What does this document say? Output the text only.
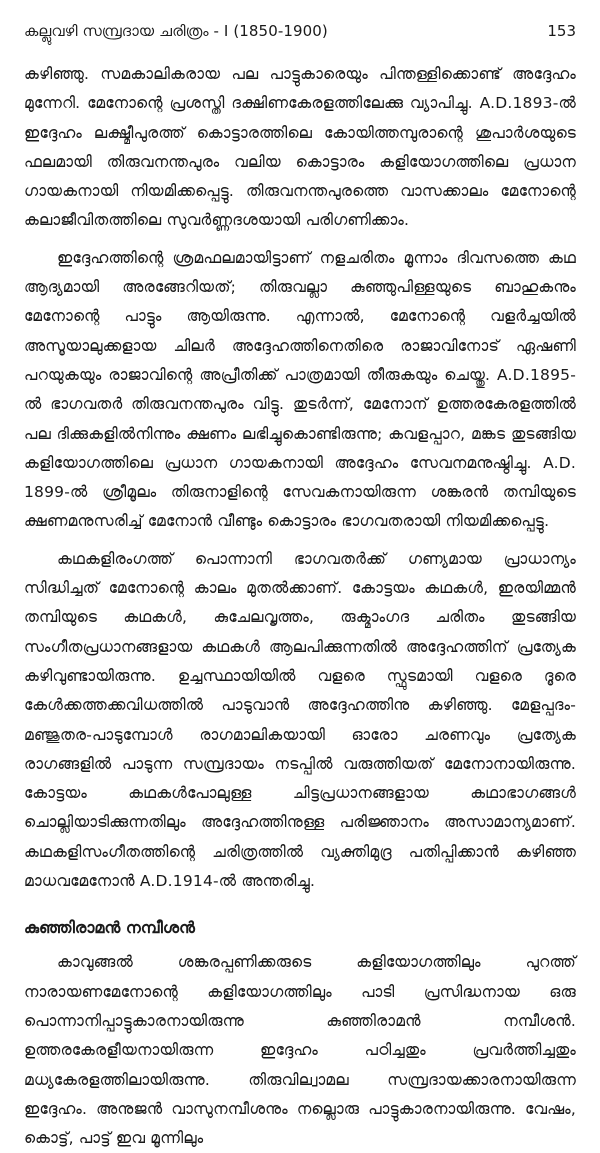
കല്ലുവഴി സമ്പ്രദായ ചരിത്രം - I (1850-1900)	153

കഴിഞ്ഞു. സമകാലികരായ പല പാട്ടുകാരെയും പിന്തള്ളിക്കൊണ്ട് അദ്ദേഹം മുന്നേറി. മേനോന്റെ പ്രശസ്തി ദക്ഷിണകേരളത്തിലേക്കു വ്യാപിച്ചു. A.D.1893-ൽ ഇദ്ദേഹം ലക്ഷ്മീപുരത്ത് കൊട്ടാരത്തിലെ കോയിത്തമ്പുരാന്റെ ശുപാർശയുടെ ഫലമായി തിരുവനന്തപുരം വലിയ കൊട്ടാരം കളിയോഗത്തിലെ പ്രധാന ഗായകനായി നിയമിക്കപ്പെട്ടു. തിരുവനന്തപുരത്തെ വാസക്കാലം മേനോന്റെ കലാജീവിതത്തിലെ സുവർണ്ണദശയായി പരിഗണിക്കാം.

ഇദ്ദേഹത്തിന്റെ ശ്രമഫലമായിട്ടാണ് നളചരിതം മൂന്നാം ദിവസത്തെ കഥ ആദ്യമായി അരങ്ങേറിയത്; തിരുവല്ലാ കുഞ്ഞുപിള്ളയുടെ ബാഹുകനും മേനോന്റെ പാട്ടും ആയിരുന്നു. എന്നാൽ, മേനോന്റെ വളർച്ചയിൽ അസൂയാലുക്കളായ ചിലർ അദ്ദേഹത്തിനെതിരെ രാജാവിനോട് ഏഷണി പറയുകയും രാജാവിന്റെ അപ്രീതിക്ക് പാത്രമായി തീരുകയും ചെയ്തു. A.D.1895-ൽ ഭാഗവതർ തിരുവനന്തപുരം വിട്ടു. തുടർന്ന്, മേനോന് ഉത്തരകേരളത്തിൽ പല ദിക്കുകളിൽനിന്നും ക്ഷണം ലഭിച്ചുകൊണ്ടിരുന്നു; കവളപ്പാറ, മങ്കട തുടങ്ങിയ കളിയോഗത്തിലെ പ്രധാന ഗായകനായി അദ്ദേഹം സേവനമനുഷ്ഠിച്ചു. A.D. 1899-ൽ ശ്രീമൂലം തിരുനാളിന്റെ സേവകനായിരുന്ന ശങ്കരൻ തമ്പിയുടെ ക്ഷണമനുസരിച്ച് മേനോൻ വീണ്ടും കൊട്ടാരം ഭാഗവതരായി നിയമിക്കപ്പെട്ടു.

കഥകളിരംഗത്ത് പൊന്നാനി ഭാഗവതർക്ക് ഗണ്യമായ പ്രാധാന്യം സിദ്ധിച്ചത് മേനോന്റെ കാലം മുതൽക്കാണ്. കോട്ടയം കഥകൾ, ഇരയിമ്മൻ തമ്പിയുടെ കഥകൾ, കുചേലവൃത്തം, രുക്മാംഗദ ചരിതം തുടങ്ങിയ സംഗീതപ്രധാനങ്ങളായ കഥകൾ ആലപിക്കുന്നതിൽ അദ്ദേഹത്തിന് പ്രത്യേക കഴിവുണ്ടായിരുന്നു. ഉച്ചസ്ഥായിയിൽ വളരെ സ്ഫുടമായി വളരെ ദൂരെ കേൾക്കത്തക്കവിധത്തിൽ പാടുവാൻ അദ്ദേഹത്തിനു കഴിഞ്ഞു. മേളപ്പദം-മഞ്ജുതര-പാടുമ്പോൾ രാഗമാലികയായി ഓരോ ചരണവും പ്രത്യേക രാഗങ്ങളിൽ പാടുന്ന സമ്പ്രദായം നടപ്പിൽ വരുത്തിയത് മേനോനായിരുന്നു. കോട്ടയം കഥകൾപോലുള്ള ചിട്ടപ്രധാനങ്ങളായ കഥാഭാഗങ്ങൾ ചൊല്ലിയാടിക്കുന്നതിലും അദ്ദേഹത്തിനുള്ള പരിജ്ഞാനം അസാമാന്യമാണ്. കഥകളിസംഗീതത്തിന്റെ ചരിത്രത്തിൽ വ്യക്തിമുദ്ര പതിപ്പിക്കാൻ കഴിഞ്ഞ മാധവമേനോൻ A.D.1914-ൽ അന്തരിച്ചു.

കുഞ്ഞിരാമൻ നമ്പീശൻ

കാവുങ്ങൽ ശങ്കരപ്പണിക്കരുടെ കളിയോഗത്തിലും പുറത്ത് നാരായണമേനോന്റെ കളിയോഗത്തിലും പാടി പ്രസിദ്ധനായ ഒരു പൊന്നാനിപ്പാട്ടുകാരനായിരുന്നു കുഞ്ഞിരാമൻ നമ്പീശൻ. ഉത്തരകേരളീയനായിരുന്ന ഇദ്ദേഹം പഠിച്ചതും പ്രവർത്തിച്ചതും മധ്യകേരളത്തിലായിരുന്നു. തിരുവില്വാമല സമ്പ്രദായക്കാരനായിരുന്ന ഇദ്ദേഹം. അനുജൻ വാസുനമ്പീശനും നല്ലൊരു പാട്ടുകാരനായിരുന്നു. വേഷം, കൊട്ട്, പാട്ട് ഇവ മൂന്നിലും
